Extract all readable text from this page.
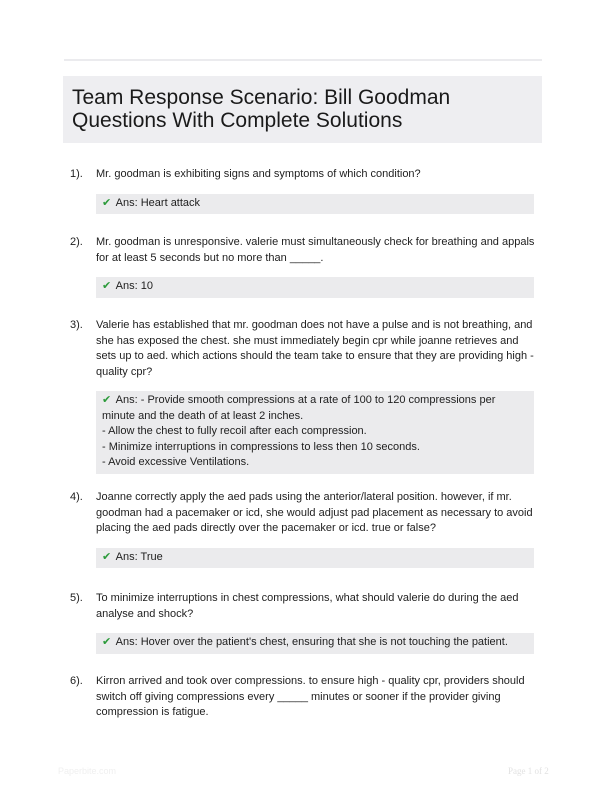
Team Response Scenario: Bill Goodman
Questions With Complete Solutions
1). Mr. goodman is exhibiting signs and symptoms of which condition?
✔ Ans: Heart attack
2). Mr. goodman is unresponsive. valerie must simultaneously check for breathing and appals for at least 5 seconds but no more than _____.
✔ Ans: 10
3). Valerie has established that mr. goodman does not have a pulse and is not breathing, and she has exposed the chest. she must immediately begin cpr while joanne retrieves and sets up to aed. which actions should the team take to ensure that they are providing high - quality cpr?
✔ Ans: - Provide smooth compressions at a rate of 100 to 120 compressions per minute and the death of at least 2 inches.
- Allow the chest to fully recoil after each compression.
- Minimize interruptions in compressions to less then 10 seconds.
- Avoid excessive Ventilations.
4). Joanne correctly apply the aed pads using the anterior/lateral position. however, if mr. goodman had a pacemaker or icd, she would adjust pad placement as necessary to avoid placing the aed pads directly over the pacemaker or icd. true or false?
✔ Ans: True
5). To minimize interruptions in chest compressions, what should valerie do during the aed analyse and shock?
✔ Ans: Hover over the patient's chest, ensuring that she is not touching the patient.
6). Kirron arrived and took over compressions. to ensure high - quality cpr, providers should switch off giving compressions every _____ minutes or sooner if the provider giving compression is fatigue.
Paperbite.com	Page 1 of 2
